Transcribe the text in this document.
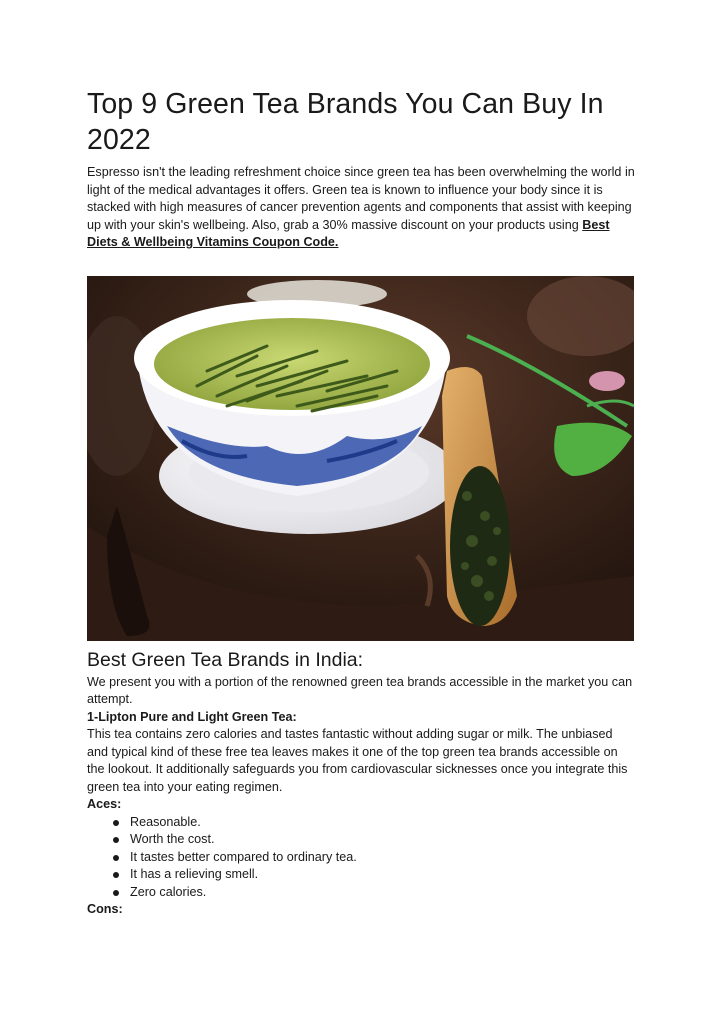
Top 9 Green Tea Brands You Can Buy In 2022

Espresso isn't the leading refreshment choice since green tea has been overwhelming the world in light of the medical advantages it offers. Green tea is known to influence your body since it is stacked with high measures of cancer prevention agents and components that assist with keeping up with your skin's wellbeing. Also, grab a 30% massive discount on your products using Best Diets & Wellbeing Vitamins Coupon Code.

Best Green Tea Brands in India:

We present you with a portion of the renowned green tea brands accessible in the market you can attempt.

1-Lipton Pure and Light Green Tea:

This tea contains zero calories and tastes fantastic without adding sugar or milk. The unbiased and typical kind of these free tea leaves makes it one of the top green tea brands accessible on the lookout. It additionally safeguards you from cardiovascular sicknesses once you integrate this green tea into your eating regimen.

Aces:

Reasonable.
Worth the cost.
It tastes better compared to ordinary tea.
It has a relieving smell.
Zero calories.

Cons:
